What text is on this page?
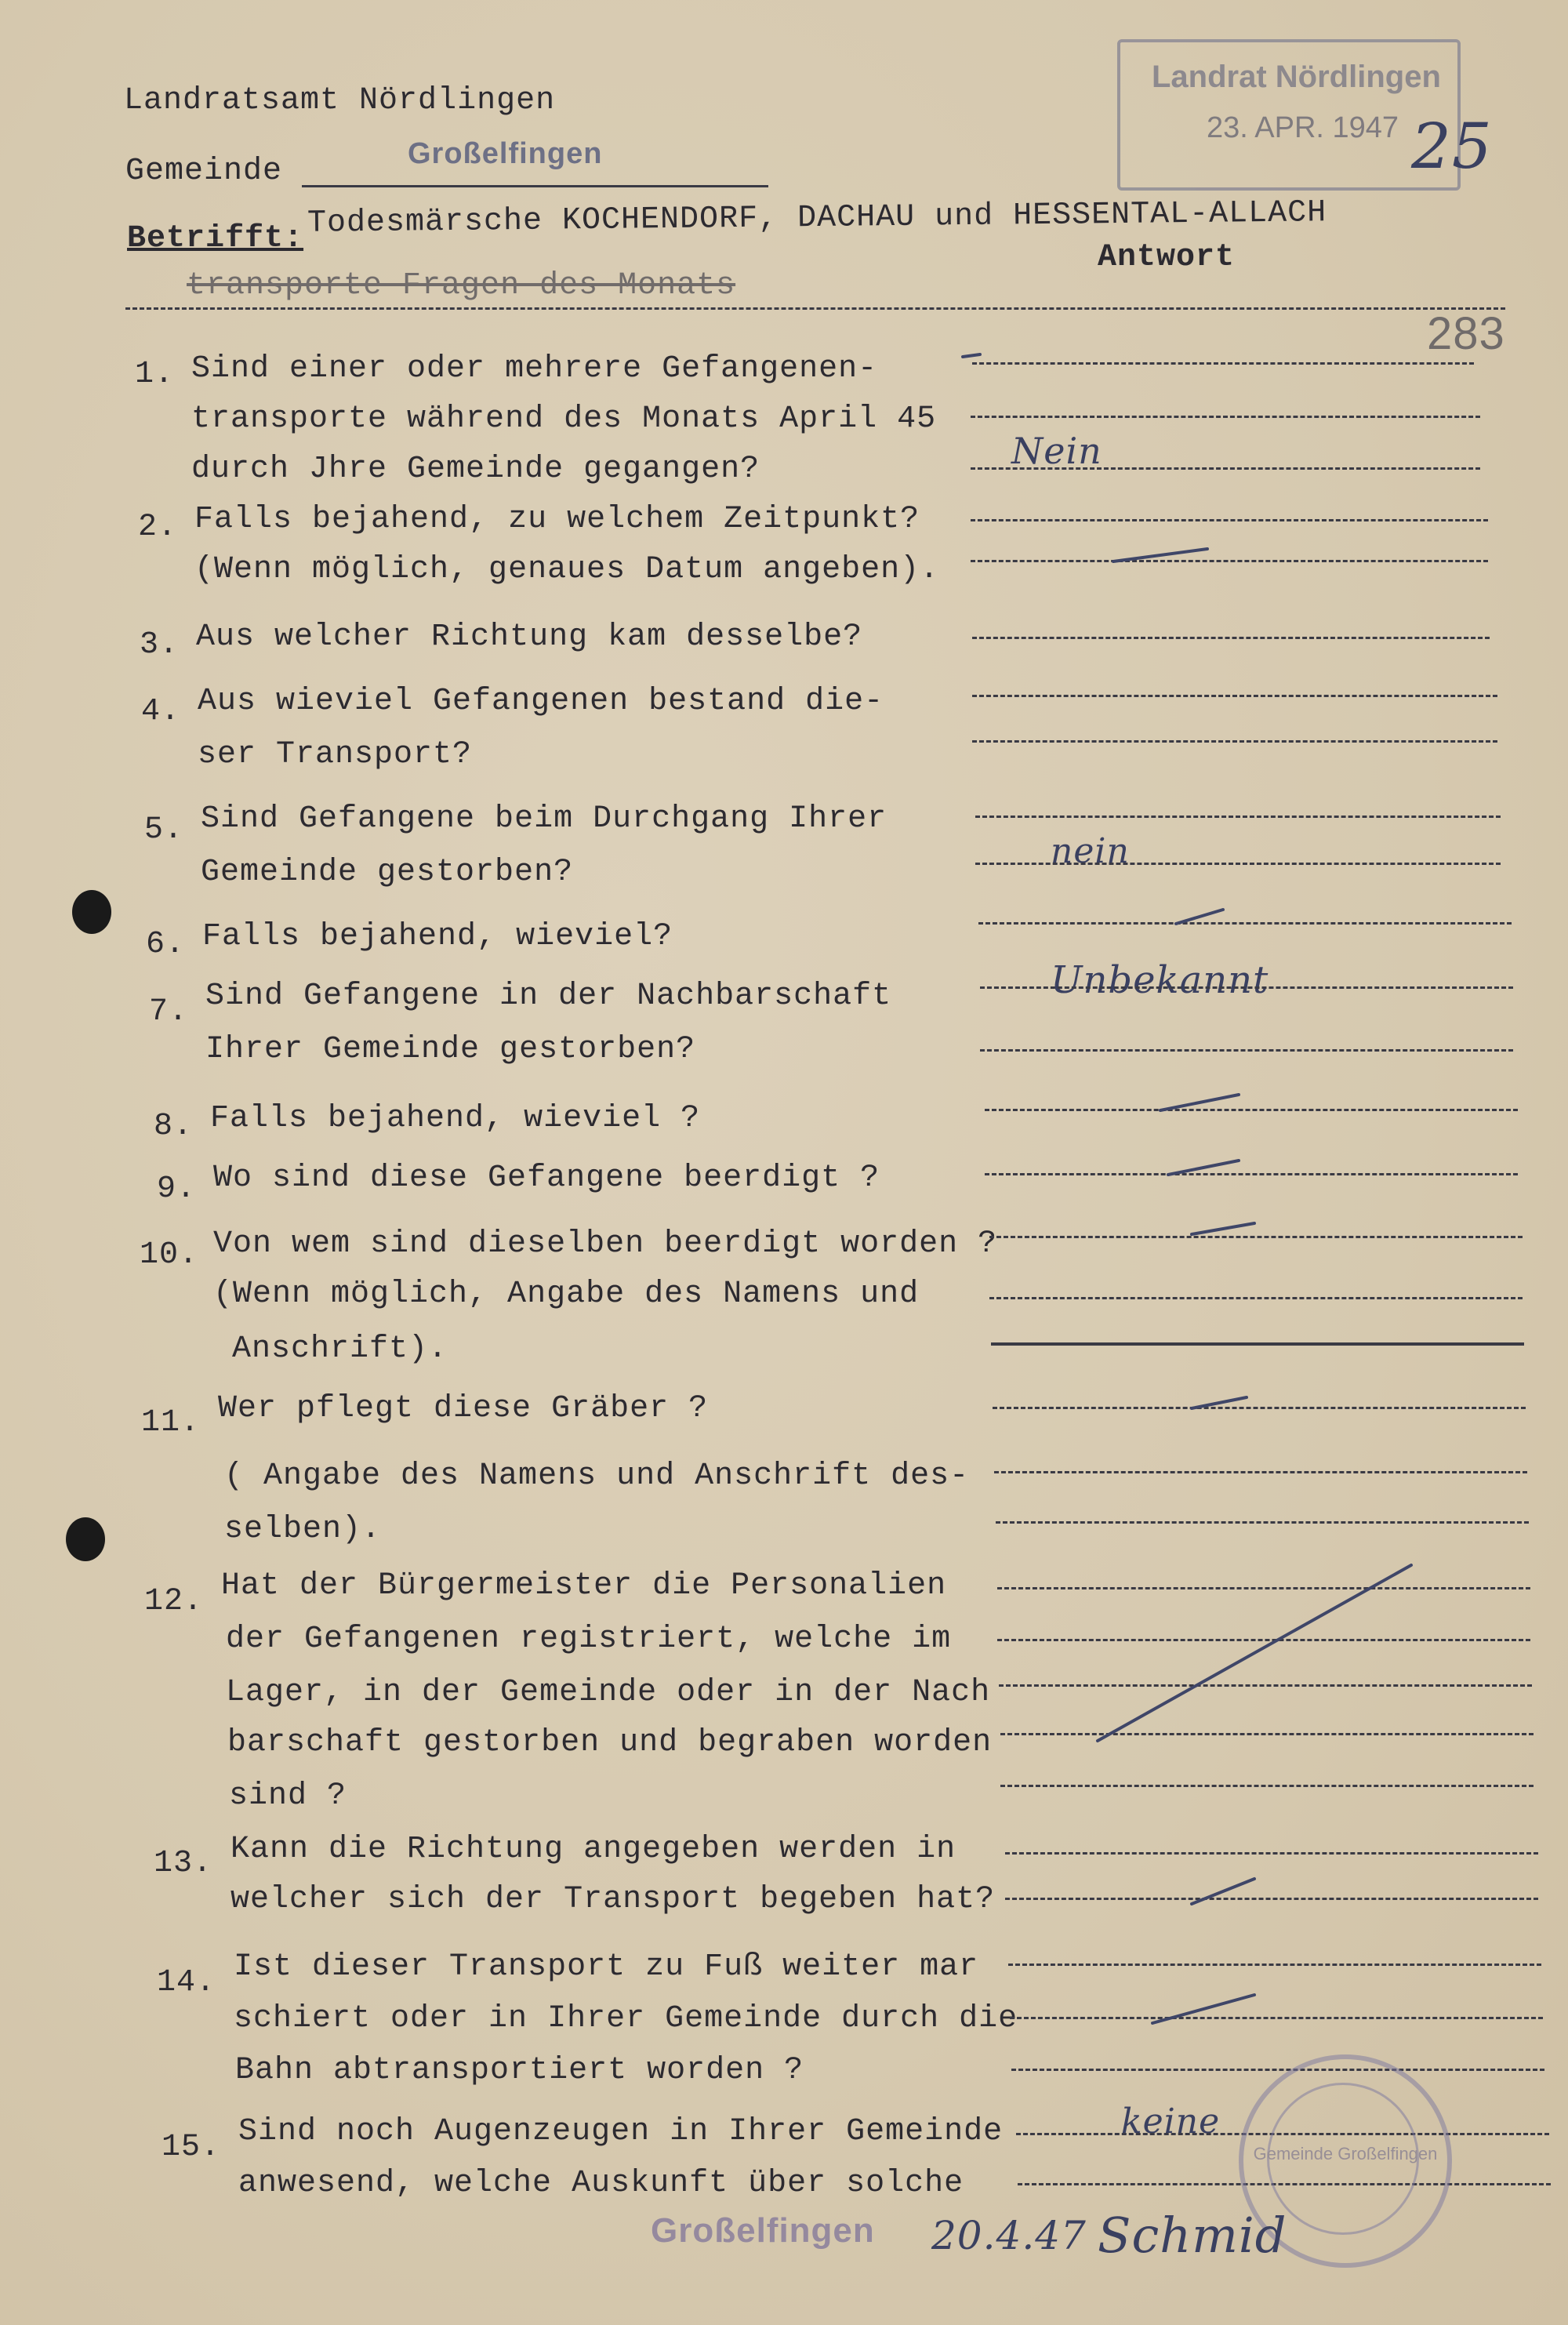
Landrat Nördlingen
23. APR. 1947 25
283
Landratsamt Nördlingen
Gemeinde	Großelfingen
Betrifft: Todesmärsche KOCHENDORF, DACHAU und HESSENTAL-ALLACH
transporte Fragen des Monats
Antwort
1. Sind einer oder mehrere Gefangenen-
transporte während des Monats April 45
durch Jhre Gemeinde gegangen?	Nein
2. Falls bejahend, zu welchem Zeitpunkt?
(Wenn möglich, genaues Datum angeben).
3. Aus welcher Richtung kam desselbe?
4. Aus wieviel Gefangenen bestand die-
ser Transport?
5. Sind Gefangene beim Durchgang Ihrer
Gemeinde gestorben?
nein
6. Falls bejahend, wieviel?
7. Sind Gefangene in der Nachbarschaft
Ihrer Gemeinde gestorben?
Unbekannt
8. Falls bejahend, wieviel ?
9. Wo sind diese Gefangene beerdigt ?
10. Von wem sind dieselben beerdigt worden ?
(Wenn möglich, Angabe des Namens und
Anschrift).
11. Wer pflegt diese Gräber ?
( Angabe des Namens und Anschrift des-
selben).
12. Hat der Bürgermeister die Personalien
der Gefangenen registriert, welche im
Lager, in der Gemeinde oder in der Nach
barschaft gestorben und begraben worden
sind ?
13. Kann die Richtung angegeben werden in
welcher sich der Transport begeben hat?
14. Ist dieser Transport zu Fuß weiter mar
schiert oder in Ihrer Gemeinde durch die
Bahn abtransportiert worden ?
15. Sind noch Augenzeugen in Ihrer Gemeinde
anwesend, welche Auskunft über solche
keine
Gemeinde Großelfingen
Großelfingen 20.4.47 Schmid
